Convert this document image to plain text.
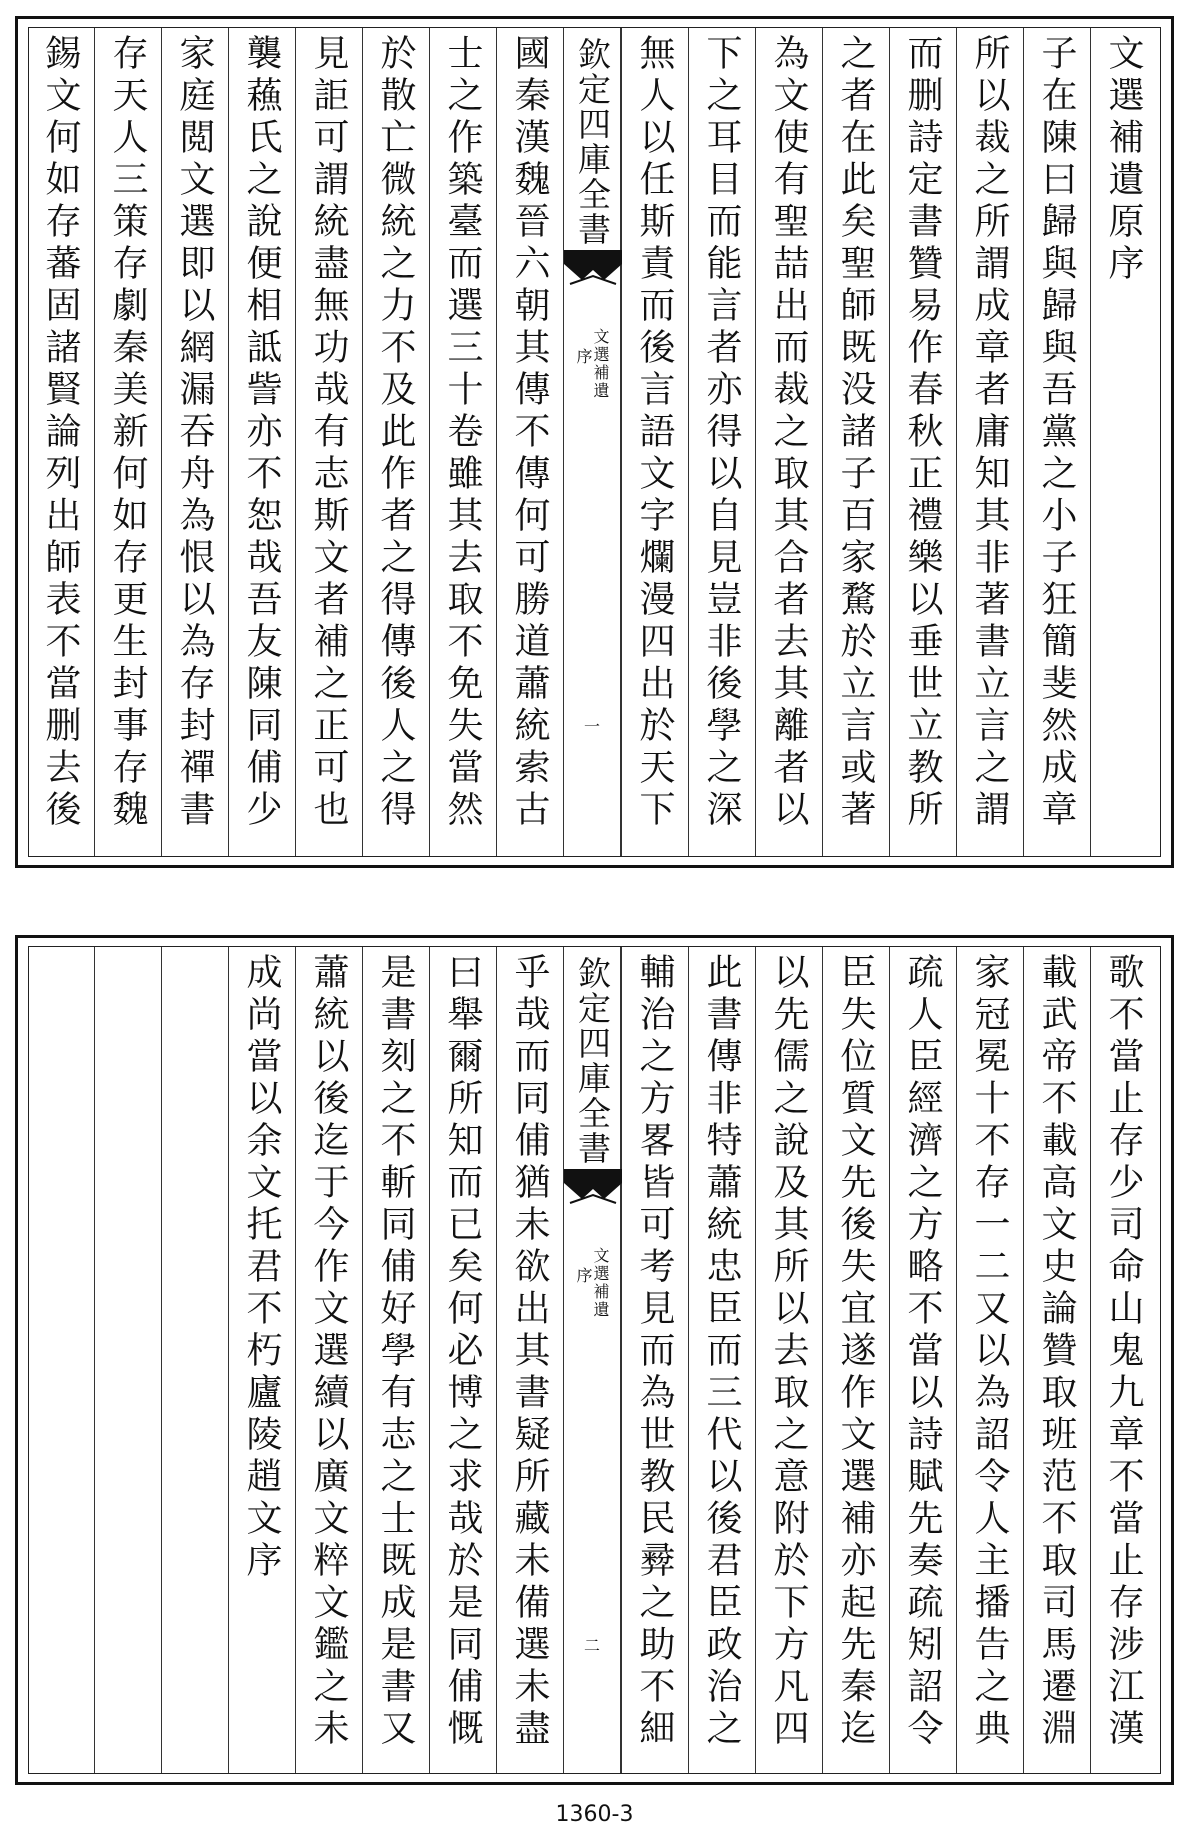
文選補遺原序
子在陳曰歸與歸與吾黨之小子狂簡斐然成章
所以裁之所謂成章者庸知其非著書立言之謂
而删詩定書贊易作春秋正禮樂以垂世立教所
之者在此矣聖師既没諸子百家騖於立言或著
為文使有聖喆出而裁之取其合者去其離者以
下之耳目而能言者亦得以自見豈非後學之深
無人以任斯責而後言語文字爛漫四出於天下
欽定四庫全書
文選補遺
序
一
國秦漢魏晉六朝其傳不傳何可勝道蕭統索古
士之作築臺而選三十卷雖其去取不免失當然
於散亡微統之力不及此作者之得傳後人之得
見詎可謂統盡無功哉有志斯文者補之正可也
襲蘓氏之說便相詆訾亦不恕哉吾友陳同俌少
家庭閲文選即以網漏吞舟為恨以為存封禪書
存天人三策存劇秦美新何如存更生封事存魏
錫文何如存蕃固諸賢論列出師表不當删去後
歌不當止存少司命山鬼九章不當止存涉江漢
載武帝不載高文史論贊取班范不取司馬遷淵
家冠冕十不存一二又以為詔令人主播告之典
疏人臣經濟之方略不當以詩賦先奏疏矧詔令
臣失位質文先後失宜遂作文選補亦起先秦迄
以先儒之說及其所以去取之意附於下方凡四
此書傳非特蕭統忠臣而三代以後君臣政治之
輔治之方畧皆可考見而為世教民彛之助不細
欽定四庫全書
文選補遺
序
二
乎哉而同俌猶未欲出其書疑所藏未備選未盡
曰舉爾所知而已矣何必博之求哉於是同俌慨
是書刻之不斬同俌好學有志之士既成是書又
蕭統以後迄于今作文選續以廣文粹文鑑之未
成尚當以余文托君不朽廬陵趙文序
1360-3
